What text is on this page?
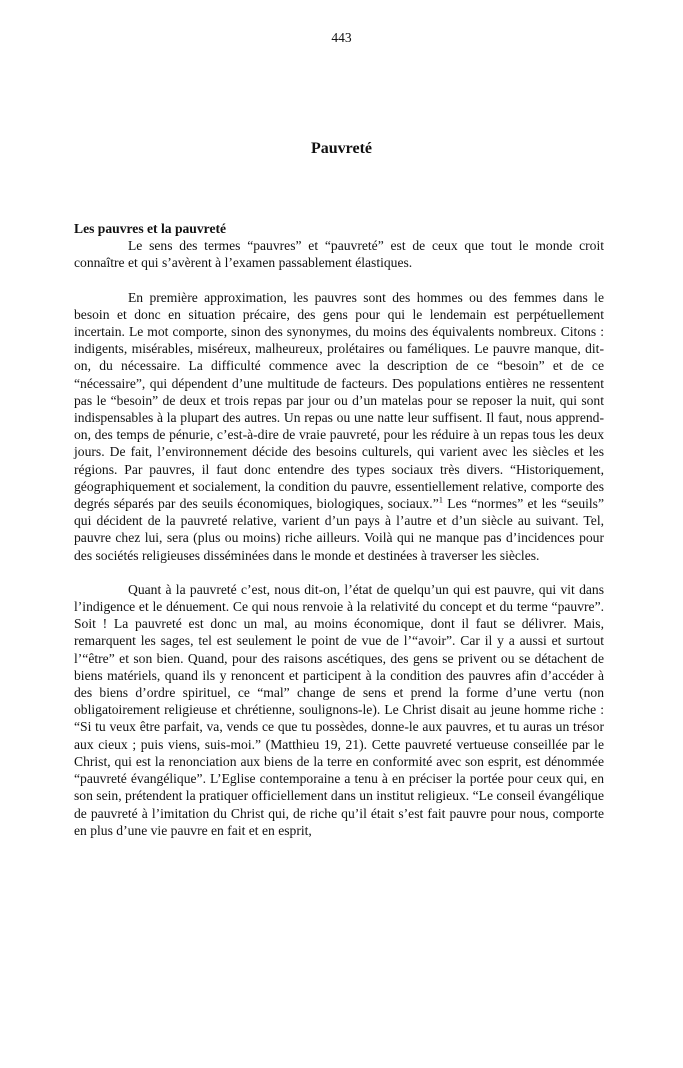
443
Pauvreté
Les pauvres et la pauvreté

Le sens des termes “pauvres” et “pauvreté” est de ceux que tout le monde croit connaître et qui s’avèrent à l’examen passablement élastiques.

En première approximation, les pauvres sont des hommes ou des femmes dans le besoin et donc en situation précaire, des gens pour qui le lendemain est perpétuellement incertain. Le mot comporte, sinon des synonymes, du moins des équivalents nombreux. Citons : indigents, misérables, miséreux, malheureux, prolétaires ou faméliques. Le pauvre manque, dit-on, du nécessaire. La difficulté commence avec la description de ce “besoin” et de ce “nécessaire”, qui dépendent d’une multitude de facteurs. Des populations entières ne ressentent pas le “besoin” de deux et trois repas par jour ou d’un matelas pour se reposer la nuit, qui sont indispensables à la plupart des autres. Un repas ou une natte leur suffisent. Il faut, nous apprend-on, des temps de pénurie, c’est-à-dire de vraie pauvreté, pour les réduire à un repas tous les deux jours. De fait, l’environnement décide des besoins culturels, qui varient avec les siècles et les régions. Par pauvres, il faut donc entendre des types sociaux très divers. “Historiquement, géographiquement et socialement, la condition du pauvre, essentiellement relative, comporte des degrés séparés par des seuils économiques, biologiques, sociaux.”$^1$ Les “normes” et les “seuils” qui décident de la pauvreté relative, varient d’un pays à l’autre et d’un siècle au suivant. Tel, pauvre chez lui, sera (plus ou moins) riche ailleurs. Voilà qui ne manque pas d’incidences pour des sociétés religieuses disséminées dans le monde et destinées à traverser les siècles.

Quant à la pauvreté c’est, nous dit-on, l’état de quelqu’un qui est pauvre, qui vit dans l’indigence et le dénuement. Ce qui nous renvoie à la relativité du concept et du terme “pauvre”. Soit ! La pauvreté est donc un mal, au moins économique, dont il faut se délivrer. Mais, remarquent les sages, tel est seulement le point de vue de l’“avoir”. Car il y a aussi et surtout l’“être” et son bien. Quand, pour des raisons ascétiques, des gens se privent ou se détachent de biens matériels, quand ils y renoncent et participent à la condition des pauvres afin d’accéder à des biens d’ordre spirituel, ce “mal” change de sens et prend la forme d’une vertu (non obligatoirement religieuse et chrétienne, soulignons-le). Le Christ disait au jeune homme riche : “Si tu veux être parfait, va, vends ce que tu possèdes, donne-le aux pauvres, et tu auras un trésor aux cieux ; puis viens, suis-moi.” (Matthieu 19, 21). Cette pauvreté vertueuse conseillée par le Christ, qui est la renonciation aux biens de la terre en conformité avec son esprit, est dénommée “pauvreté évangélique”. L’Eglise contemporaine a tenu à en préciser la portée pour ceux qui, en son sein, prétendent la pratiquer officiellement dans un institut religieux. “Le conseil évangélique de pauvreté à l’imitation du Christ qui, de riche qu’il était s’est fait pauvre pour nous, comporte en plus d’une vie pauvre en fait et en esprit,
